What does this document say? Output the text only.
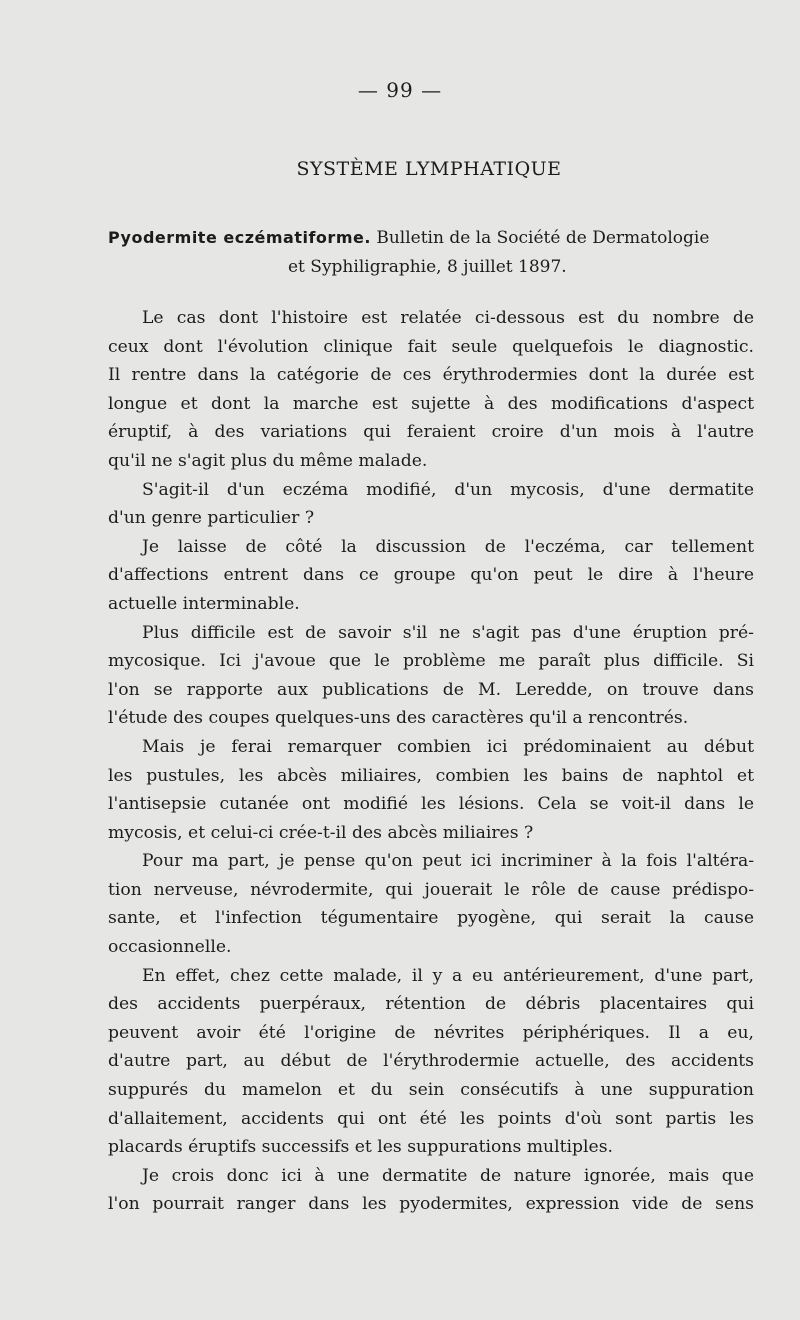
— 99 —
SYSTÈME LYMPHATIQUE
Pyodermite eczématiforme. Bulletin de la Société de Dermatologie
et Syphiligraphie, 8 juillet 1897.
Le cas dont l'histoire est relatée ci-dessous est du nombre de
ceux dont l'évolution clinique fait seule quelquefois le diagnostic.
Il rentre dans la catégorie de ces érythrodermies dont la durée est
longue et dont la marche est sujette à des modifications d'aspect
éruptif, à des variations qui feraient croire d'un mois à l'autre
qu'il ne s'agit plus du même malade.
S'agit-il d'un eczéma modifié, d'un mycosis, d'une dermatite
d'un genre particulier ?
Je laisse de côté la discussion de l'eczéma, car tellement
d'affections entrent dans ce groupe qu'on peut le dire à l'heure
actuelle interminable.
Plus difficile est de savoir s'il ne s'agit pas d'une éruption pré-
mycosique. Ici j'avoue que le problème me paraît plus difficile. Si
l'on se rapporte aux publications de M. Leredde, on trouve dans
l'étude des coupes quelques-uns des caractères qu'il a rencontrés.
Mais je ferai remarquer combien ici prédominaient au début
les pustules, les abcès miliaires, combien les bains de naphtol et
l'antisepsie cutanée ont modifié les lésions. Cela se voit-il dans le
mycosis, et celui-ci crée-t-il des abcès miliaires ?
Pour ma part, je pense qu'on peut ici incriminer à la fois l'altéra-
tion nerveuse, névrodermite, qui jouerait le rôle de cause prédispo-
sante, et l'infection tégumentaire pyogène, qui serait la cause
occasionnelle.
En effet, chez cette malade, il y a eu antérieurement, d'une part,
des accidents puerpéraux, rétention de débris placentaires qui
peuvent avoir été l'origine de névrites périphériques. Il a eu,
d'autre part, au début de l'érythrodermie actuelle, des accidents
suppurés du mamelon et du sein consécutifs à une suppuration
d'allaitement, accidents qui ont été les points d'où sont partis les
placards éruptifs successifs et les suppurations multiples.
Je crois donc ici à une dermatite de nature ignorée, mais que
l'on pourrait ranger dans les pyodermites, expression vide de sens
